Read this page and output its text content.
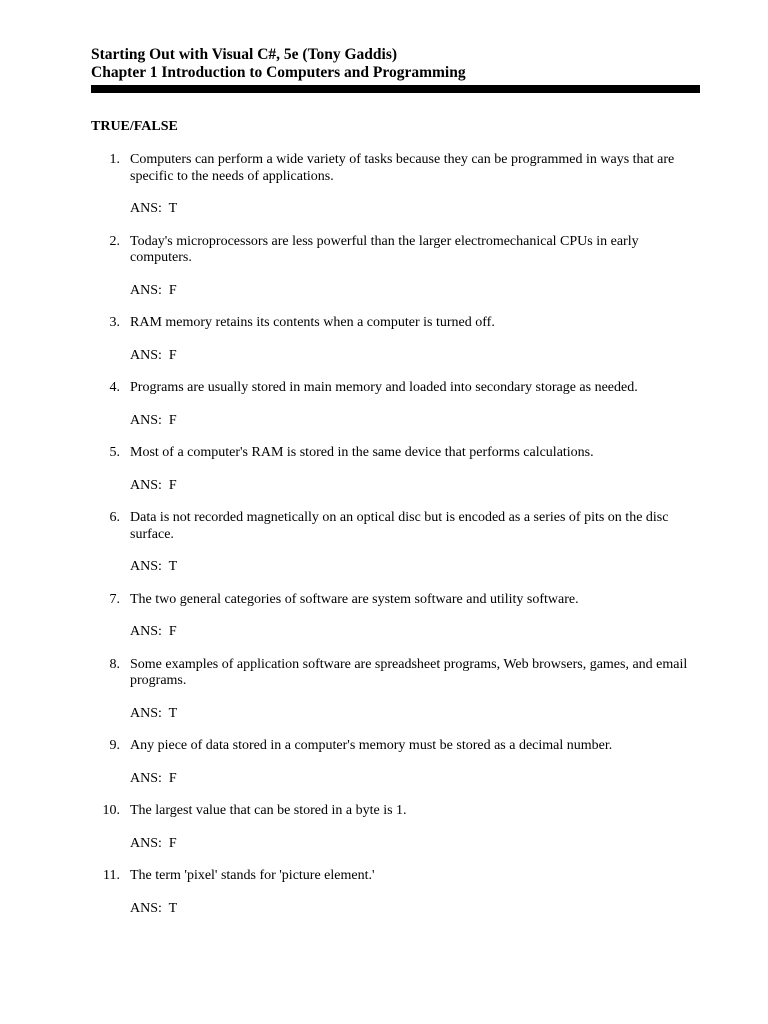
Starting Out with Visual C#, 5e (Tony Gaddis)
Chapter 1 Introduction to Computers and Programming
TRUE/FALSE
1. Computers can perform a wide variety of tasks because they can be programmed in ways that are specific to the needs of applications.
ANS:  T
2. Today's microprocessors are less powerful than the larger electromechanical CPUs in early computers.
ANS:  F
3. RAM memory retains its contents when a computer is turned off.
ANS:  F
4. Programs are usually stored in main memory and loaded into secondary storage as needed.
ANS:  F
5. Most of a computer's RAM is stored in the same device that performs calculations.
ANS:  F
6. Data is not recorded magnetically on an optical disc but is encoded as a series of pits on the disc surface.
ANS:  T
7. The two general categories of software are system software and utility software.
ANS:  F
8. Some examples of application software are spreadsheet programs, Web browsers, games, and email programs.
ANS:  T
9. Any piece of data stored in a computer's memory must be stored as a decimal number.
ANS:  F
10. The largest value that can be stored in a byte is 1.
ANS:  F
11. The term 'pixel' stands for 'picture element.'
ANS:  T
